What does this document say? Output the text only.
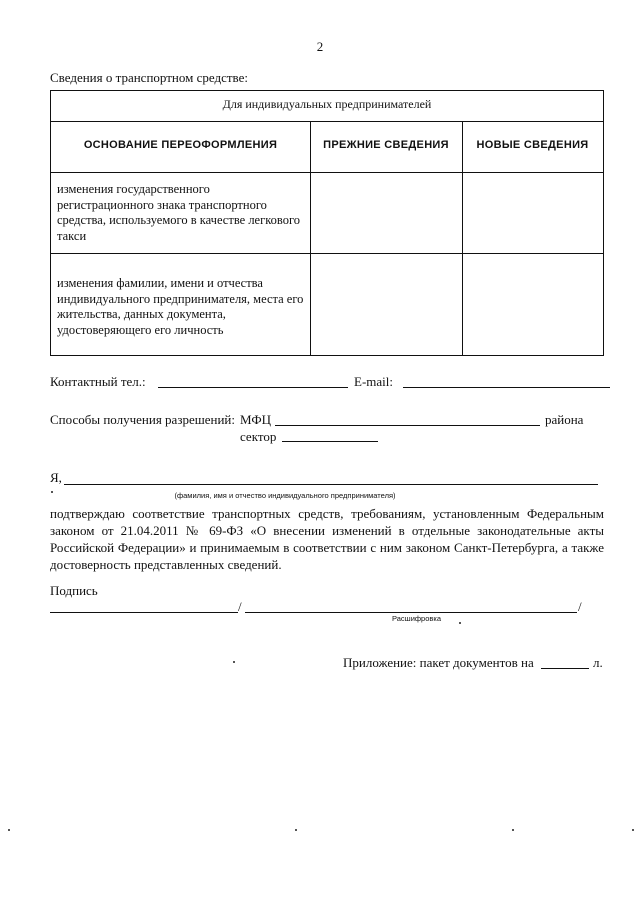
2
Сведения о транспортном средстве:
Для индивидуальных предпринимателей
ОСНОВАНИЕ ПЕРЕОФОРМЛЕНИЯ	ПРЕЖНИЕ СВЕДЕНИЯ	НОВЫЕ СВЕДЕНИЯ
изменения государственного регистрационного знака транспортного средства, используемого в качестве легкового такси
изменения фамилии, имени и отчества индивидуального предпринимателя, места его жительства, данных документа, удостоверяющего его личность
Контактный тел.:	E-mail:
Способы получения разрешений: МФЦ	района
сектор
Я,
(фамилия, имя и отчество индивидуального предпринимателя)
подтверждаю соответствие транспортных средств, требованиям, установленным Федеральным законом от 21.04.2011 № 69-ФЗ «О внесении изменений в отдельные законодательные акты Российской Федерации» и принимаемым в соответствии с ним законом Санкт-Петербурга, а также достоверность представленных сведений.
Подпись
/	/
Расшифровка
Приложение: пакет документов на	л.
